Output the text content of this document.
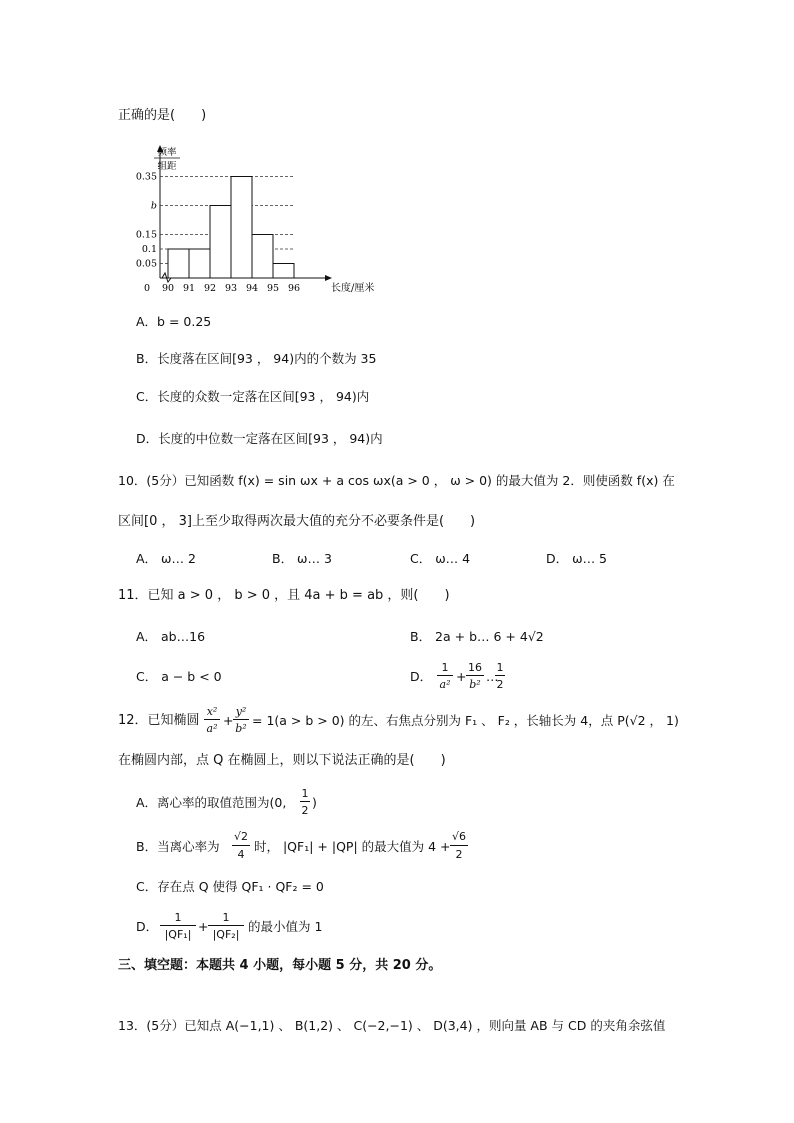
正确的是(　　)
0.05
0.1
0.15
b
0.35
90 91 92 93 94 95 96
0	长度/厘米
频率
组距
A．b = 0.25
B．长度落在区间[93 ， 94)内的个数为 35
C．长度的众数一定落在区间[93 ， 94)内
D．长度的中位数一定落在区间[93 ， 94)内
10．(5分）已知函数 f(x) = sin ωx + a cos ωx(a > 0 ， ω > 0) 的最大值为 2．则使函数 f(x) 在
区间[0 ， 3]上至少取得两次最大值的充分不必要条件是(　　)
A． ω… 2	B． ω… 3	C． ω… 4	D． ω… 5
11．已知 a > 0 ， b > 0 ，且 4a + b = ab ，则(　　)
A． ab…16	B． 2a + b… 6 + 4√2
C． a − b < 0	D．
1
a²
+
16
b²
…
1
2
12．已知椭圆
x²
a²
+
y²
b²
= 1(a > b > 0) 的左、右焦点分别为 F₁ 、 F₂ ，长轴长为 4，点 P(√2 ， 1)
在椭圆内部，点 Q 在椭圆上，则以下说法正确的是(　　)
A．离心率的取值范围为(0,
1
2
)
B．当离心率为
√2
4
时， |QF₁| + |QP| 的最大值为 4 +
√6
2
C．存在点 Q 使得 QF₁ · QF₂ = 0
D．
1
|QF₁|
+
1
|QF₂|
的最小值为 1
三、填空题：本题共 4 小题，每小题 5 分，共 20 分。
13．(5分）已知点 A(−1,1) 、 B(1,2) 、 C(−2,−1) 、 D(3,4) ，则向量 AB 与 CD 的夹角余弦值
